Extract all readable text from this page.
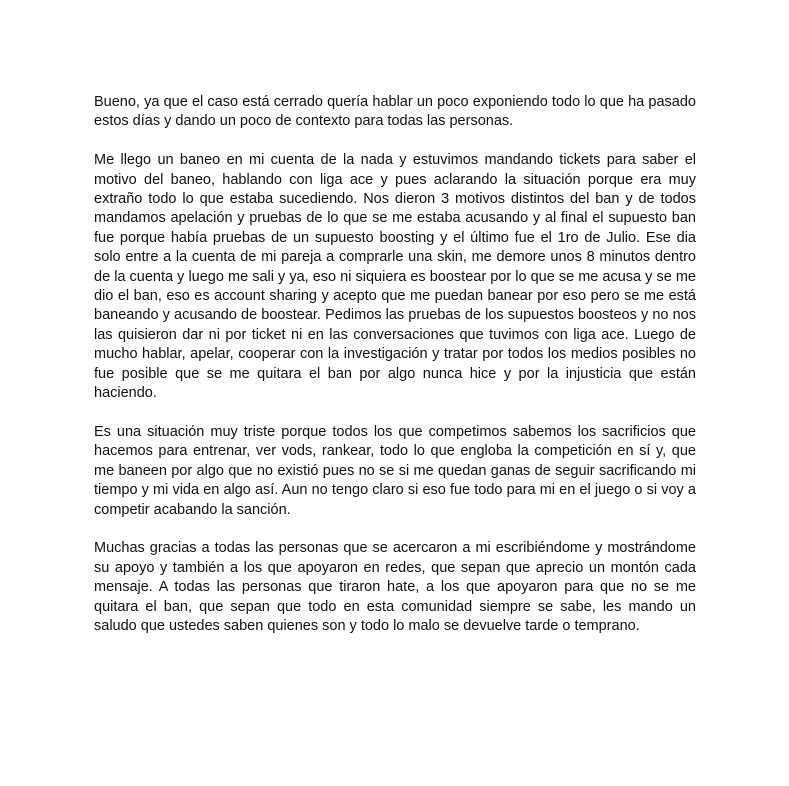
Bueno, ya que el caso está cerrado quería hablar un poco exponiendo todo lo que ha pasado estos días y dando un poco de contexto para todas las personas.

Me llego un baneo en mi cuenta de la nada y estuvimos mandando tickets para saber el motivo del baneo, hablando con liga ace y pues aclarando la situación porque era muy extraño todo lo que estaba sucediendo. Nos dieron 3 motivos distintos del ban y de todos mandamos apelación y pruebas de lo que se me estaba acusando y al final el supuesto ban fue porque había pruebas de un supuesto boosting y el último fue el 1ro de Julio. Ese dia solo entre a la cuenta de mi pareja a comprarle una skin, me demore unos 8 minutos dentro de la cuenta y luego me sali y ya, eso ni siquiera es boostear por lo que se me acusa y se me dio el ban, eso es account sharing y acepto que me puedan banear por eso pero se me está baneando y acusando de boostear. Pedimos las pruebas de los supuestos boosteos y no nos las quisieron dar ni por ticket ni en las conversaciones que tuvimos con liga ace. Luego de mucho hablar, apelar, cooperar con la investigación y tratar por todos los medios posibles no fue posible que se me quitara el ban por algo nunca hice y por la injusticia que están haciendo.

Es una situación muy triste porque todos los que competimos sabemos los sacrificios que hacemos para entrenar, ver vods, rankear, todo lo que engloba la competición en sí y, que me baneen por algo que no existió pues no se si me quedan ganas de seguir sacrificando mi tiempo y mi vida en algo así. Aun no tengo claro si eso fue todo para mi en el juego o si voy a competir acabando la sanción.

Muchas gracias a todas las personas que se acercaron a mi escribiéndome y mostrándome su apoyo y también a los que apoyaron en redes, que sepan que aprecio un montón cada mensaje. A todas las personas que tiraron hate, a los que apoyaron para que no se me quitara el ban, que sepan que todo en esta comunidad siempre se sabe, les mando un saludo que ustedes saben quienes son y todo lo malo se devuelve tarde o temprano.
